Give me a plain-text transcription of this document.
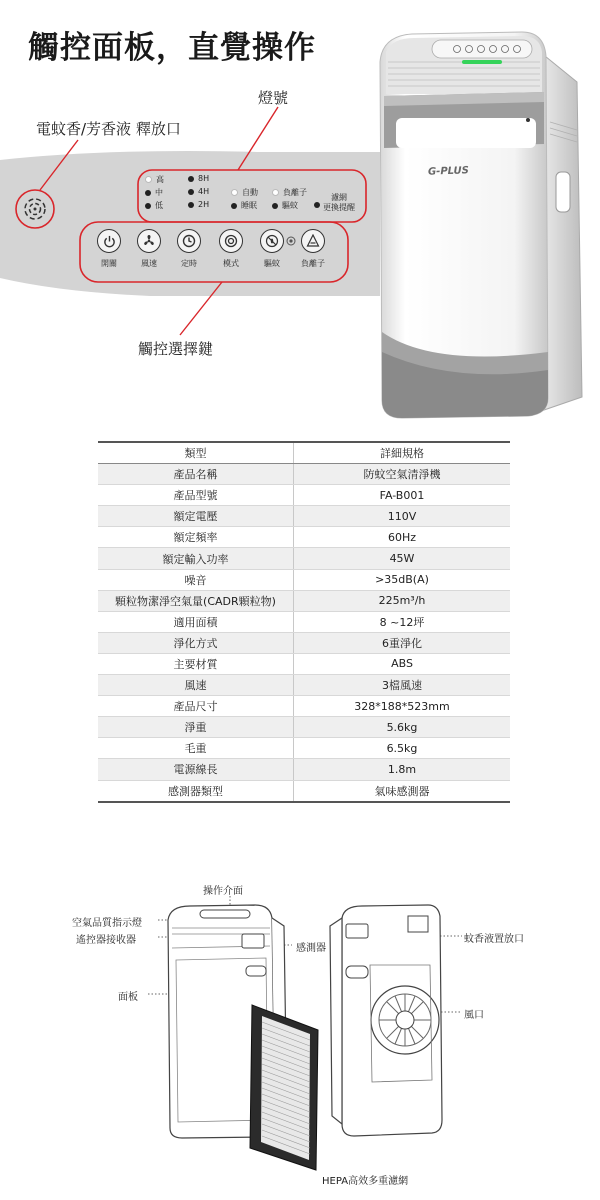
觸控面板，直覺操作
燈號
電蚊香/芳香液 釋放口
觸控選擇鍵
高
中
低
8H
4H
2H
自動
睡眠
負離子
驅蚊
濾網
更換提醒
開關	風速	定時	模式	驅蚊	負離子
G-PLUS
類型	詳細規格
產品名稱	防蚊空氣清淨機
產品型號	FA-B001
額定電壓	110V
額定頻率	60Hz
額定輸入功率	45W
噪音	>35dB(A)
顆粒物潔淨空氣量(CADR顆粒物)	225m³/h
適用面積	8 ~12坪
淨化方式	6重淨化
主要材質	ABS
風速	3檔風速
產品尺寸	328*188*523mm
淨重	5.6kg
毛重	6.5kg
電源線長	1.8m
感測器類型	氣味感測器
操作介面
空氣品質指示燈
遙控器接收器
面板
感測器
蚊香液置放口
風口
HEPA高效多重濾網
